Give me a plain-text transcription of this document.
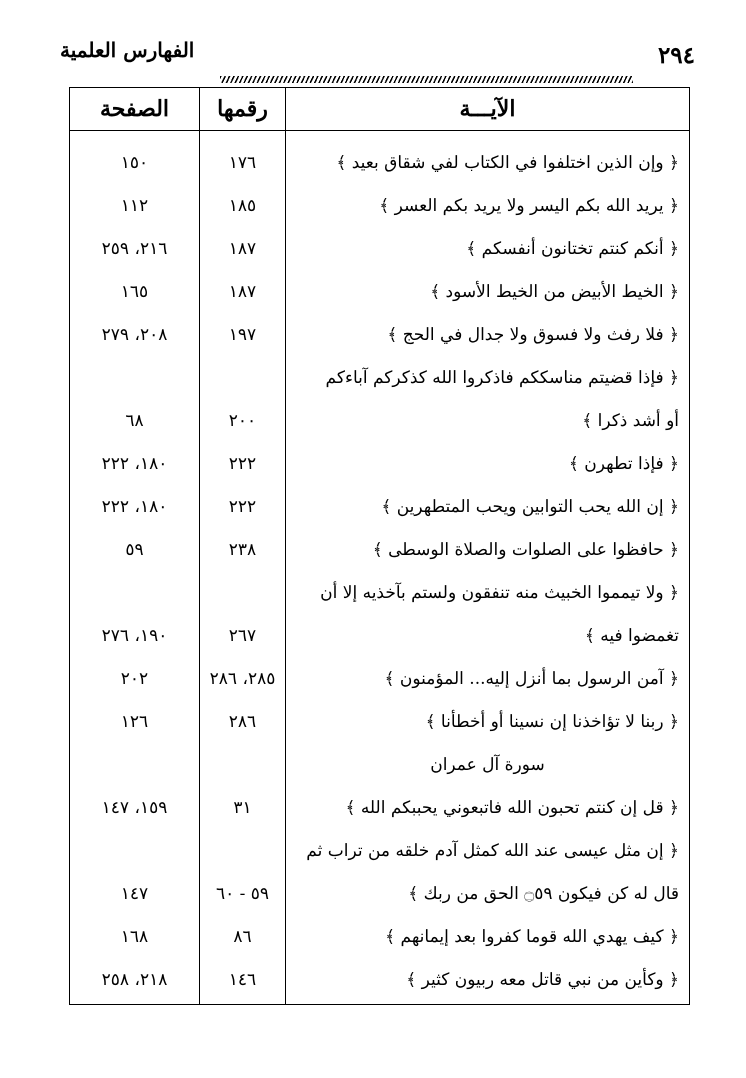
٢٩٤
الفهارس العلمية
الآيـــة
رقمها
الصفحة
﴿ وإن الذين اختلفوا في الكتاب لفي شقاق بعيد ﴾
١٧٦
١٥٠
﴿ يريد الله بكم اليسر ولا يريد بكم العسر ﴾
١٨٥
١١٢
﴿ أنكم كنتم تختانون أنفسكم ﴾
١٨٧
٢١٦، ٢٥٩
﴿ الخيط الأبيض من الخيط الأسود ﴾
١٨٧
١٦٥
﴿ فلا رفث ولا فسوق ولا جدال في الحج ﴾
١٩٧
٢٠٨، ٢٧٩
﴿ فإذا قضيتم مناسككم فاذكروا الله كذكركم آباءكم
أو أشد ذكرا ﴾
٢٠٠
٦٨
﴿ فإذا تطهرن ﴾
٢٢٢
١٨٠، ٢٢٢
﴿ إن الله يحب التوابين ويحب المتطهرين ﴾
٢٢٢
١٨٠، ٢٢٢
﴿ حافظوا على الصلوات والصلاة الوسطى ﴾
٢٣٨
٥٩
﴿ ولا تيمموا الخبيث منه تنفقون ولستم بآخذيه إلا أن
تغمضوا فيه ﴾
٢٦٧
١٩٠، ٢٧٦
﴿ آمن الرسول بما أنزل إليه... المؤمنون ﴾
٢٨٥، ٢٨٦
٢٠٢
﴿ ربنا لا تؤاخذنا إن نسينا أو أخطأنا ﴾
٢٨٦
١٢٦
سورة آل عمران
﴿ قل إن كنتم تحبون الله فاتبعوني يحببكم الله ﴾
٣١
١٥٩، ١٤٧
﴿ إن مثل عيسى عند الله كمثل آدم خلقه من تراب ثم
قال له كن فيكون ۝٥٩ الحق من ربك ﴾
٥٩ - ٦٠
١٤٧
﴿ كيف يهدي الله قوما كفروا بعد إيمانهم ﴾
٨٦
١٦٨
﴿ وكأين من نبي قاتل معه ربيون كثير ﴾
١٤٦
٢١٨، ٢٥٨
